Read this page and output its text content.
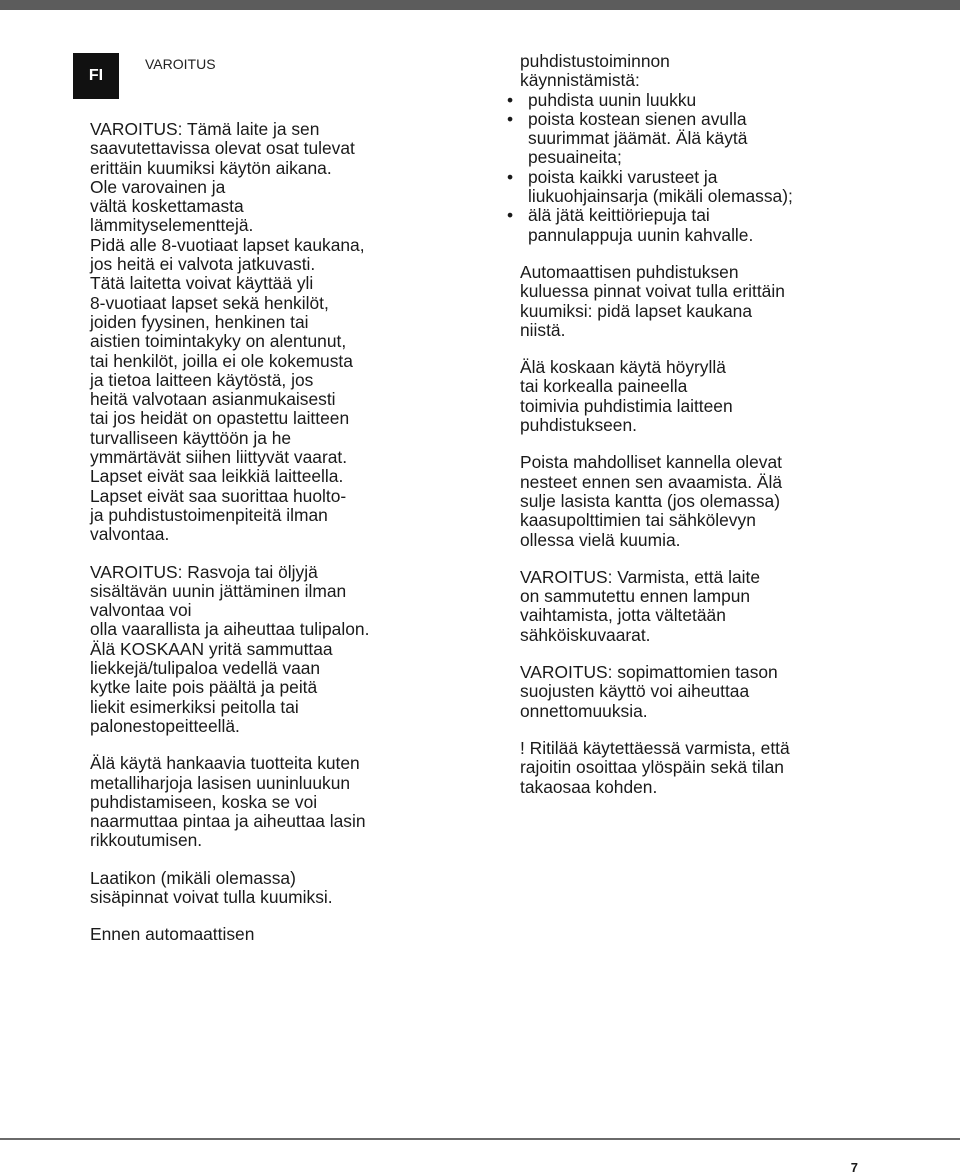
FI
VAROITUS
VAROITUS: Tämä laite ja sen
saavutettavissa olevat osat tulevat
erittäin kuumiksi käytön aikana.
Ole varovainen ja
vältä koskettamasta
lämmityselementtejä.
Pidä alle 8-vuotiaat lapset kaukana,
jos heitä ei valvota jatkuvasti.
Tätä laitetta voivat käyttää yli
8-vuotiaat lapset sekä henkilöt,
joiden fyysinen, henkinen tai
aistien toimintakyky on alentunut,
tai henkilöt, joilla ei ole kokemusta
ja tietoa laitteen käytöstä, jos
heitä valvotaan asianmukaisesti
tai jos heidät on opastettu laitteen
turvalliseen käyttöön ja he
ymmärtävät siihen liittyvät vaarat.
Lapset eivät saa leikkiä laitteella.
Lapset eivät saa suorittaa huolto-
ja puhdistustoimenpiteitä ilman
valvontaa.
VAROITUS: Rasvoja tai öljyjä
sisältävän uunin jättäminen ilman
valvontaa voi
olla vaarallista ja aiheuttaa tulipalon.
Älä KOSKAAN yritä sammuttaa
liekkejä/tulipaloa vedellä vaan
kytke laite pois päältä ja peitä
liekit esimerkiksi peitolla tai
palonestopeitteellä.
Älä käytä hankaavia tuotteita kuten
metalliharjoja lasisen uuninluukun
puhdistamiseen, koska se voi
naarmuttaa pintaa ja aiheuttaa lasin
rikkoutumisen.
Laatikon (mikäli olemassa)
sisäpinnat voivat tulla kuumiksi.
Ennen automaattisen
puhdistustoiminnon
käynnistämistä:
• puhdista uunin luukku
• poista kostean sienen avulla
suurimmat jäämät. Älä käytä
pesuaineita;
• poista kaikki varusteet ja
liukuohjainsarja (mikäli olemassa);
• älä jätä keittiöriepuja tai
pannulappuja uunin kahvalle.
Automaattisen puhdistuksen
kuluessa pinnat voivat tulla erittäin
kuumiksi: pidä lapset kaukana
niistä.
Älä koskaan käytä höyryllä
tai korkealla paineella
toimivia puhdistimia laitteen
puhdistukseen.
Poista mahdolliset kannella olevat
nesteet ennen sen avaamista. Älä
sulje lasista kantta (jos olemassa)
kaasupolttimien tai sähkölevyn
ollessa vielä kuumia.
VAROITUS: Varmista, että laite
on sammutettu ennen lampun
vaihtamista, jotta vältetään
sähköiskuvaarat.
VAROITUS: sopimattomien tason
suojusten käyttö voi aiheuttaa
onnettomuuksia.
! Ritilää käytettäessä varmista, että
rajoitin osoittaa ylöspäin sekä tilan
takaosaa kohden.
7
